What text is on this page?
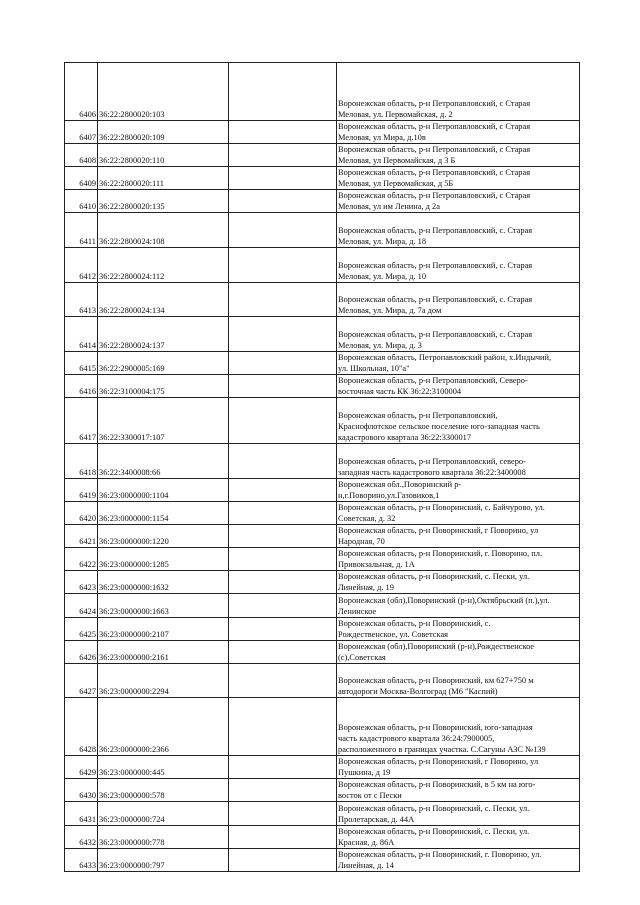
6406	36:22:2800020:103		Воронежская область, р-н Петропавловский, с Старая
Меловая, ул. Первомайская, д. 2
6407	36:22:2800020:109		Воронежская область, р-н Петропавловский, с Старая
Меловая, ул Мира, д.10в
6408	36:22:2800020:110		Воронежская область, р-н Петропавловский, с Старая
Меловая, ул Первомайская, д 3 Б
6409	36:22:2800020:111		Воронежская область, р-н Петропавловский, с Старая
Меловая, ул Первомайская, д 5Б
6410	36:22:2800020:135		Воронежская область, р-н Петропавловский, с Старая
Меловая, ул им Ленина, д 2а
6411	36:22:2800024:108		Воронежская область, р-н Петропавловский, с. Старая
Меловая, ул. Мира, д. 18
6412	36:22:2800024:112		Воронежская область, р-н Петропавловский, с. Старая
Меловая, ул. Мира, д. 10
6413	36:22:2800024:134		Воронежская область, р-н Петропавловский, с. Старая
Меловая, ул. Мира, д. 7а дом
6414	36:22:2800024:137		Воронежская область, р-н Петропавловский, с. Старая
Меловая, ул. Мира, д. 3
6415	36:22:2900005:169		Воронежская область, Петропавловский район, х.Индычий,
ул. Школьная, 10"а"
6416	36:22:3100004:175		Воронежская область, р-н Петропавловский, Северо-
восточная часть КК 36:22:3100004
6417	36:22:3300017:107		Воронежская область, р-н Петропавловский,
Краснофлотское сельское поселение юго-западная часть
кадастрового квартала 36:22:3300017
6418	36:22:3400008:66		Воронежская область, р-н Петропавловский, северо-
западная часть кадастрового квартала 36:22:3400008
6419	36:23:0000000:1104		Воронежская обл.,Поворинский р-
н,г.Поворино,ул.Газовиков,1
6420	36:23:0000000:1154		Воронежская область, р-н Поворинский, с. Байчурово, ул.
Советская, д. 32
6421	36:23:0000000:1220		Воронежская область, р-н Поворинский, г Поворино, ул
Народная, 70
6422	36:23:0000000:1285		Воронежская область, р-н Поворинский, г. Поворино, пл.
Привокзальная, д. 1А
6423	36:23:0000000:1632		Воронежская область, р-н Поворинский, с. Пески, ул.
Линейная, д. 19
6424	36:23:0000000:1663		Воронежская (обл),Поворинский (р-н),Октябрьский (п.),ул.
Ленинское
6425	36:23:0000000:2107		Воронежская область, р-н Поворинский, с.
Рождественское, ул. Советская
6426	36:23:0000000:2161		Воронежская (обл),Поворинский (р-н),Рождественское
(с),Советская
6427	36:23:0000000:2294		Воронежская область, р-н Поворинский, км 627+750 м
автодороги Москва-Волгоград (М6 "Каспий)
6428	36:23:0000000:2366		Воронежская область, р-н Поворинский, юго-западная
часть кадастрового квартала 36:24:7900005,
расположенного в границах участка. С.Сагуны АЗС №139
6429	36:23:0000000:445		Воронежская область, р-н Поворинский, г Поворино, ул
Пушкина, д 19
6430	36:23:0000000:578		Воронежская область, р-н Поворинский, в 5 км на юго-
восток от с Пески
6431	36:23:0000000:724		Воронежская область, р-н Поворинский, с. Пески, ул.
Пролетарская, д. 44А
6432	36:23:0000000:778		Воронежская область, р-н Поворинский, с. Пески, ул.
Красная, д. 86А
6433	36:23:0000000:797		Воронежская область, р-н Поворинский, г. Поворино, ул.
Линейная, д. 14
